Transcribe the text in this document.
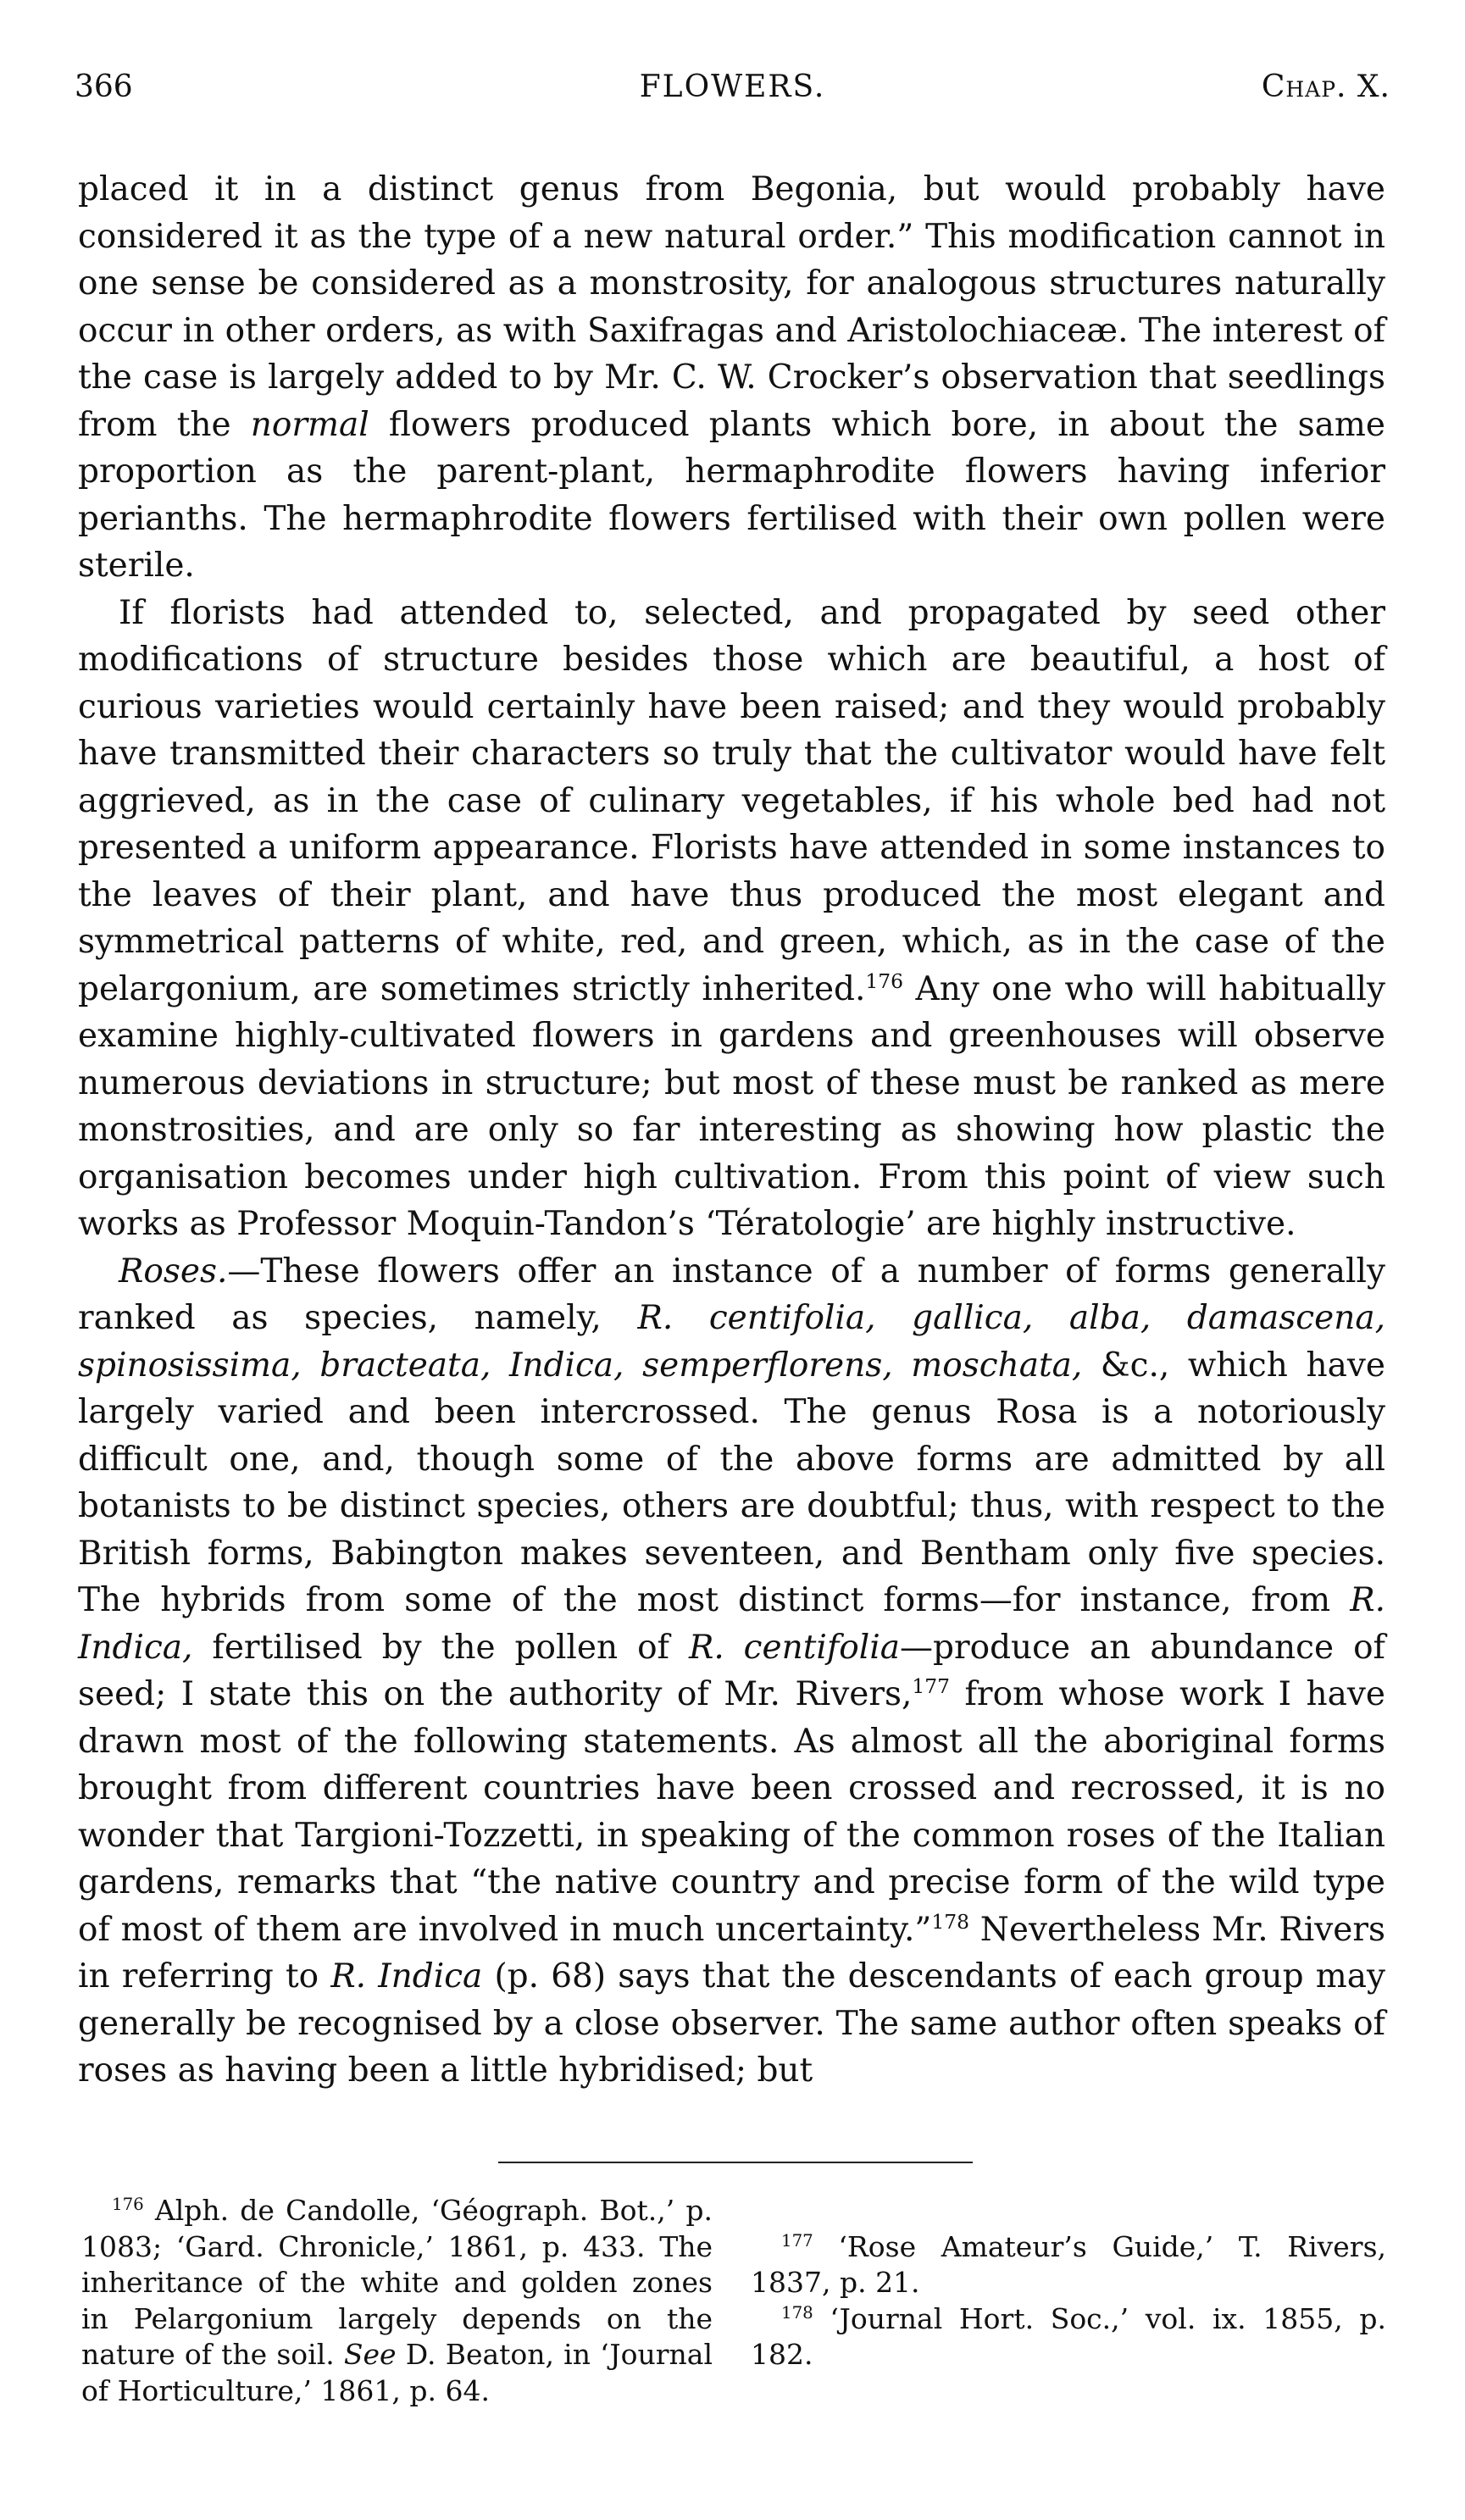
366	FLOWERS.	Chap. X.

placed it in a distinct genus from Begonia, but would probably have considered it as the type of a new natural order.” This modification cannot in one sense be considered as a monstrosity, for analogous structures naturally occur in other orders, as with Saxifragas and Aristolochiaceæ. The interest of the case is largely added to by Mr. C. W. Crocker’s observation that seedlings from the normal flowers produced plants which bore, in about the same proportion as the parent-plant, hermaphrodite flowers having inferior perianths. The hermaphrodite flowers fertilised with their own pollen were sterile.

If florists had attended to, selected, and propagated by seed other modifications of structure besides those which are beautiful, a host of curious varieties would certainly have been raised; and they would probably have transmitted their characters so truly that the cultivator would have felt aggrieved, as in the case of culinary vegetables, if his whole bed had not presented a uniform appearance. Florists have attended in some instances to the leaves of their plant, and have thus produced the most elegant and symmetrical patterns of white, red, and green, which, as in the case of the pelargonium, are sometimes strictly inherited.$^{176}$ Any one who will habitually examine highly-cultivated flowers in gardens and greenhouses will observe numerous deviations in structure; but most of these must be ranked as mere monstrosities, and are only so far interesting as showing how plastic the organisation becomes under high cultivation. From this point of view such works as Professor Moquin-Tandon’s ‘Tératologie’ are highly instructive.

Roses.—These flowers offer an instance of a number of forms generally ranked as species, namely, R. centifolia, gallica, alba, damascena, spinosissima, bracteata, Indica, semperflorens, moschata, &c., which have largely varied and been intercrossed. The genus Rosa is a notoriously difficult one, and, though some of the above forms are admitted by all botanists to be distinct species, others are doubtful; thus, with respect to the British forms, Babington makes seventeen, and Bentham only five species. The hybrids from some of the most distinct forms—for instance, from R. Indica, fertilised by the pollen of R. centifolia—produce an abundance of seed; I state this on the authority of Mr. Rivers,$^{177}$ from whose work I have drawn most of the following statements. As almost all the aboriginal forms brought from different countries have been crossed and recrossed, it is no wonder that Targioni-Tozzetti, in speaking of the common roses of the Italian gardens, remarks that “the native country and precise form of the wild type of most of them are involved in much uncertainty.”$^{178}$ Nevertheless Mr. Rivers in referring to R. Indica (p. 68) says that the descendants of each group may generally be recognised by a close observer. The same author often speaks of roses as having been a little hybridised; but

$^{176}$ Alph. de Candolle, ‘Géograph. Bot.,’ p. 1083; ‘Gard. Chronicle,’ 1861, p. 433. The inheritance of the white and golden zones in Pelargonium largely depends on the nature of the soil. See D. Beaton, in ‘Journal of Horticulture,’ 1861, p. 64.

$^{177}$ ‘Rose Amateur’s Guide,’ T. Rivers, 1837, p. 21.

$^{178}$ ‘Journal Hort. Soc.,’ vol. ix. 1855, p. 182.
